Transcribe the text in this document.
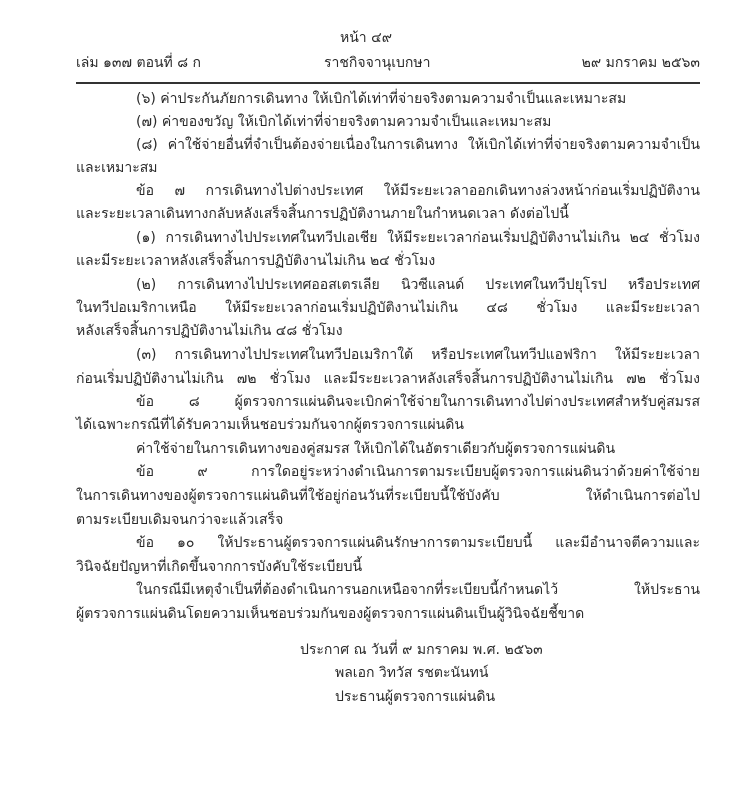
หน้า ๔๙
เล่ม ๑๓๗ ตอนที่ ๘ ก	ราชกิจจานุเบกษา	๒๙ มกราคม ๒๕๖๓
(๖) ค่าประกันภัยการเดินทาง ให้เบิกได้เท่าที่จ่ายจริงตามความจำเป็นและเหมาะสม
(๗) ค่าของขวัญ ให้เบิกได้เท่าที่จ่ายจริงตามความจำเป็นและเหมาะสม
(๘) ค่าใช้จ่ายอื่นที่จำเป็นต้องจ่ายเนื่องในการเดินทาง ให้เบิกได้เท่าที่จ่ายจริงตามความจำเป็น
และเหมาะสม
ข้อ ๗ การเดินทางไปต่างประเทศ ให้มีระยะเวลาออกเดินทางล่วงหน้าก่อนเริ่มปฏิบัติงาน
และระยะเวลาเดินทางกลับหลังเสร็จสิ้นการปฏิบัติงานภายในกำหนดเวลา ดังต่อไปนี้
(๑) การเดินทางไปประเทศในทวีปเอเชีย ให้มีระยะเวลาก่อนเริ่มปฏิบัติงานไม่เกิน ๒๔ ชั่วโมง
และมีระยะเวลาหลังเสร็จสิ้นการปฏิบัติงานไม่เกิน ๒๔ ชั่วโมง
(๒) การเดินทางไปประเทศออสเตรเลีย นิวซีแลนด์ ประเทศในทวีปยุโรป หรือประเทศ
ในทวีปอเมริกาเหนือ ให้มีระยะเวลาก่อนเริ่มปฏิบัติงานไม่เกิน ๔๘ ชั่วโมง และมีระยะเวลา
หลังเสร็จสิ้นการปฏิบัติงานไม่เกิน ๔๘ ชั่วโมง
(๓) การเดินทางไปประเทศในทวีปอเมริกาใต้ หรือประเทศในทวีปแอฟริกา ให้มีระยะเวลา
ก่อนเริ่มปฏิบัติงานไม่เกิน ๗๒ ชั่วโมง และมีระยะเวลาหลังเสร็จสิ้นการปฏิบัติงานไม่เกิน ๗๒ ชั่วโมง
ข้อ ๘ ผู้ตรวจการแผ่นดินจะเบิกค่าใช้จ่ายในการเดินทางไปต่างประเทศสำหรับคู่สมรส
ได้เฉพาะกรณีที่ได้รับความเห็นชอบร่วมกันจากผู้ตรวจการแผ่นดิน
ค่าใช้จ่ายในการเดินทางของคู่สมรส ให้เบิกได้ในอัตราเดียวกับผู้ตรวจการแผ่นดิน
ข้อ ๙ การใดอยู่ระหว่างดำเนินการตามระเบียบผู้ตรวจการแผ่นดินว่าด้วยค่าใช้จ่าย
ในการเดินทางของผู้ตรวจการแผ่นดินที่ใช้อยู่ก่อนวันที่ระเบียบนี้ใช้บังคับ ให้ดำเนินการต่อไป
ตามระเบียบเดิมจนกว่าจะแล้วเสร็จ
ข้อ ๑๐ ให้ประธานผู้ตรวจการแผ่นดินรักษาการตามระเบียบนี้ และมีอำนาจตีความและ
วินิจฉัยปัญหาที่เกิดขึ้นจากการบังคับใช้ระเบียบนี้
ในกรณีมีเหตุจำเป็นที่ต้องดำเนินการนอกเหนือจากที่ระเบียบนี้กำหนดไว้ ให้ประธาน
ผู้ตรวจการแผ่นดินโดยความเห็นชอบร่วมกันของผู้ตรวจการแผ่นดินเป็นผู้วินิจฉัยชี้ขาด
ประกาศ ณ วันที่ ๙ มกราคม พ.ศ. ๒๕๖๓
พลเอก วิทวัส รชตะนันทน์
ประธานผู้ตรวจการแผ่นดิน
